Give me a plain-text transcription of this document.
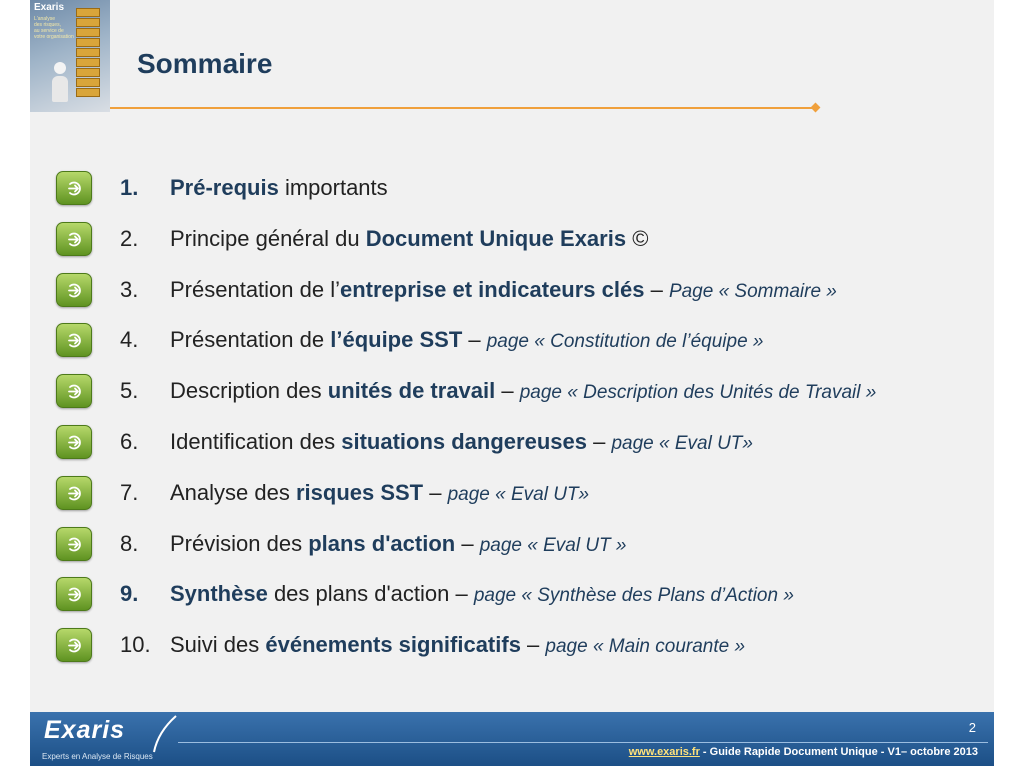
Exaris
L'analyse
des risques,
au service de
votre organisation
Sommaire
1. Pré-requis importants
2. Principe général du Document Unique Exaris ©
3. Présentation de l’entreprise et indicateurs clés – Page « Sommaire »
4. Présentation de l’équipe SST – page « Constitution de l’équipe »
5. Description des unités de travail – page « Description des Unités de Travail »
6. Identification des situations dangereuses – page « Eval UT»
7. Analyse des risques SST – page « Eval UT»
8. Prévision des plans d'action – page « Eval UT »
9. Synthèse des plans d'action – page « Synthèse des Plans d’Action »
10. Suivi des événements significatifs – page « Main courante »
Exaris
Experts en Analyse de Risques
2
www.exaris.fr - Guide Rapide Document Unique - V1– octobre 2013
